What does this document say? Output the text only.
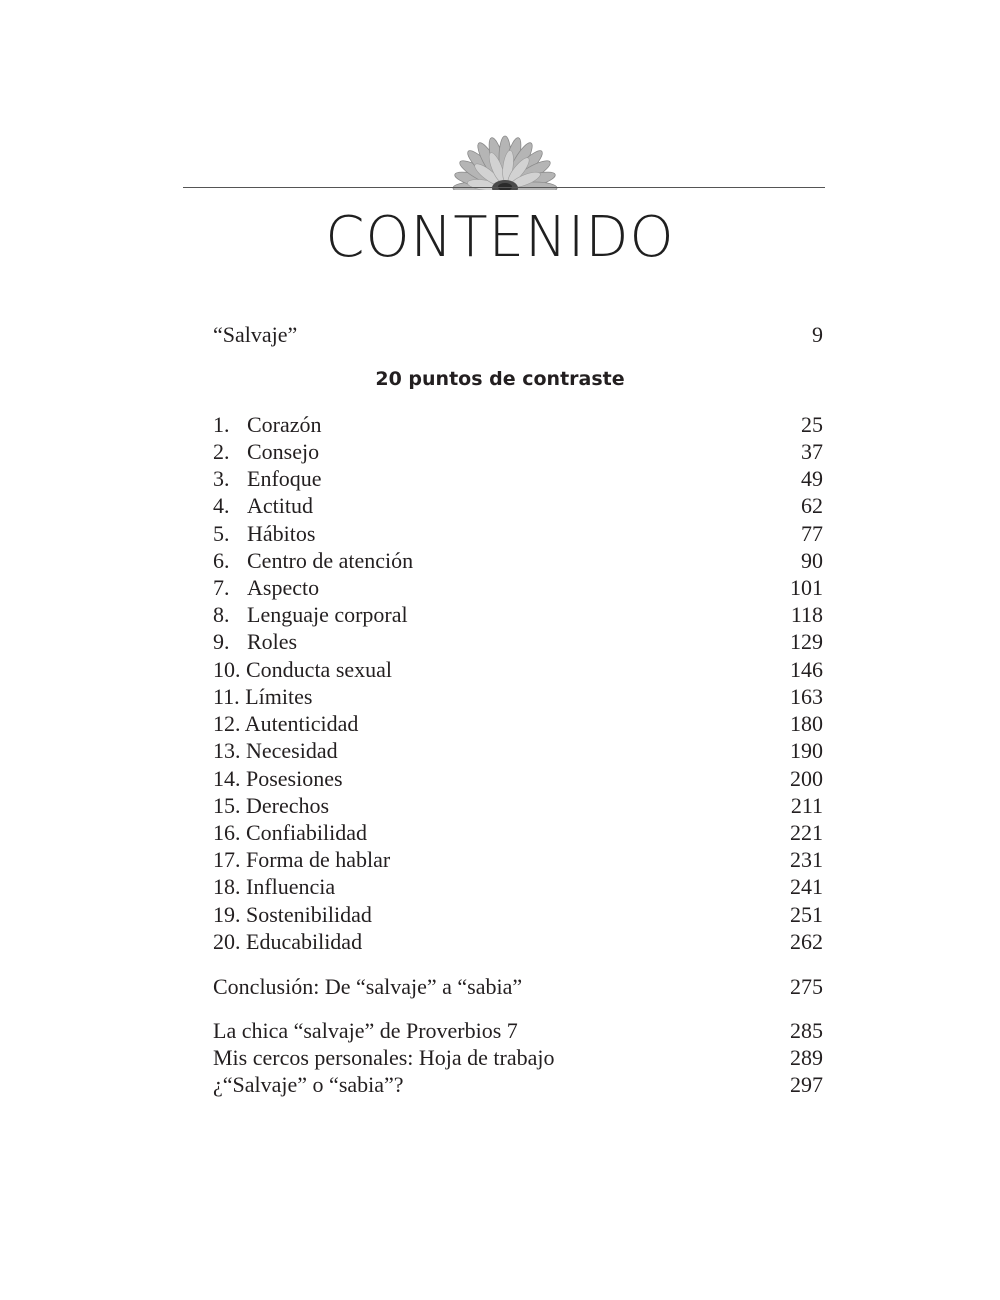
CONTENIDO
“Salvaje”	9
20 puntos de contraste
1. Corazón	25
2. Consejo	37
3. Enfoque	49
4. Actitud	62
5. Hábitos	77
6. Centro de atención	90
7. Aspecto	101
8. Lenguaje corporal	118
9. Roles	129
10. Conducta sexual	146
11. Límites	163
12. Autenticidad	180
13. Necesidad	190
14. Posesiones	200
15. Derechos	211
16. Confiabilidad	221
17. Forma de hablar	231
18. Influencia	241
19. Sostenibilidad	251
20. Educabilidad	262
Conclusión: De “salvaje” a “sabia”	275
La chica “salvaje” de Proverbios 7	285
Mis cercos personales: Hoja de trabajo	289
¿“Salvaje” o “sabia”?	297
